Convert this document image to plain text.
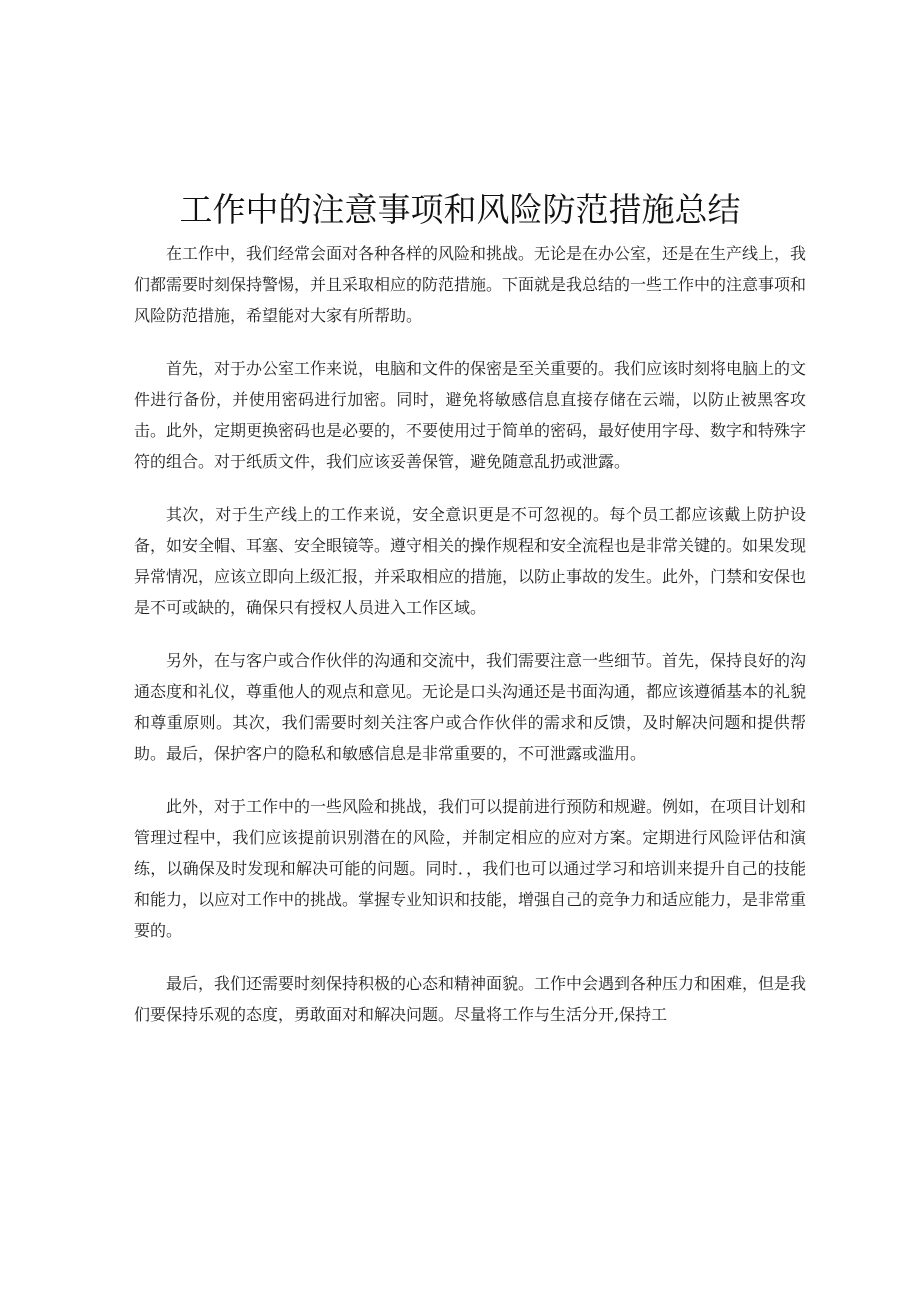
工作中的注意事项和风险防范措施总结

在工作中，我们经常会面对各种各样的风险和挑战。无论是在办公室，还是在生产线上，我们都需要时刻保持警惕，并且采取相应的防范措施。下面就是我总结的一些工作中的注意事项和风险防范措施，希望能对大家有所帮助。

首先，对于办公室工作来说，电脑和文件的保密是至关重要的。我们应该时刻将电脑上的文件进行备份，并使用密码进行加密。同时，避免将敏感信息直接存储在云端，以防止被黑客攻击。此外，定期更换密码也是必要的，不要使用过于简单的密码，最好使用字母、数字和特殊字符的组合。对于纸质文件，我们应该妥善保管，避免随意乱扔或泄露。

其次，对于生产线上的工作来说，安全意识更是不可忽视的。每个员工都应该戴上防护设备，如安全帽、耳塞、安全眼镜等。遵守相关的操作规程和安全流程也是非常关键的。如果发现异常情况，应该立即向上级汇报，并采取相应的措施，以防止事故的发生。此外，门禁和安保也是不可或缺的，确保只有授权人员进入工作区域。

另外，在与客户或合作伙伴的沟通和交流中，我们需要注意一些细节。首先，保持良好的沟通态度和礼仪，尊重他人的观点和意见。无论是口头沟通还是书面沟通，都应该遵循基本的礼貌和尊重原则。其次，我们需要时刻关注客户或合作伙伴的需求和反馈，及时解决问题和提供帮助。最后，保护客户的隐私和敏感信息是非常重要的，不可泄露或滥用。

此外，对于工作中的一些风险和挑战，我们可以提前进行预防和规避。例如，在项目计划和管理过程中，我们应该提前识别潜在的风险，并制定相应的应对方案。定期进行风险评估和演练，以确保及时发现和解决可能的问题。同时．，我们也可以通过学习和培训来提升自己的技能和能力，以应对工作中的挑战。掌握专业知识和技能，增强自己的竞争力和适应能力，是非常重要的。

最后，我们还需要时刻保持积极的心态和精神面貌。工作中会遇到各种压力和困难，但是我们要保持乐观的态度，勇敢面对和解决问题。尽量将工作与生活分开,保持工
